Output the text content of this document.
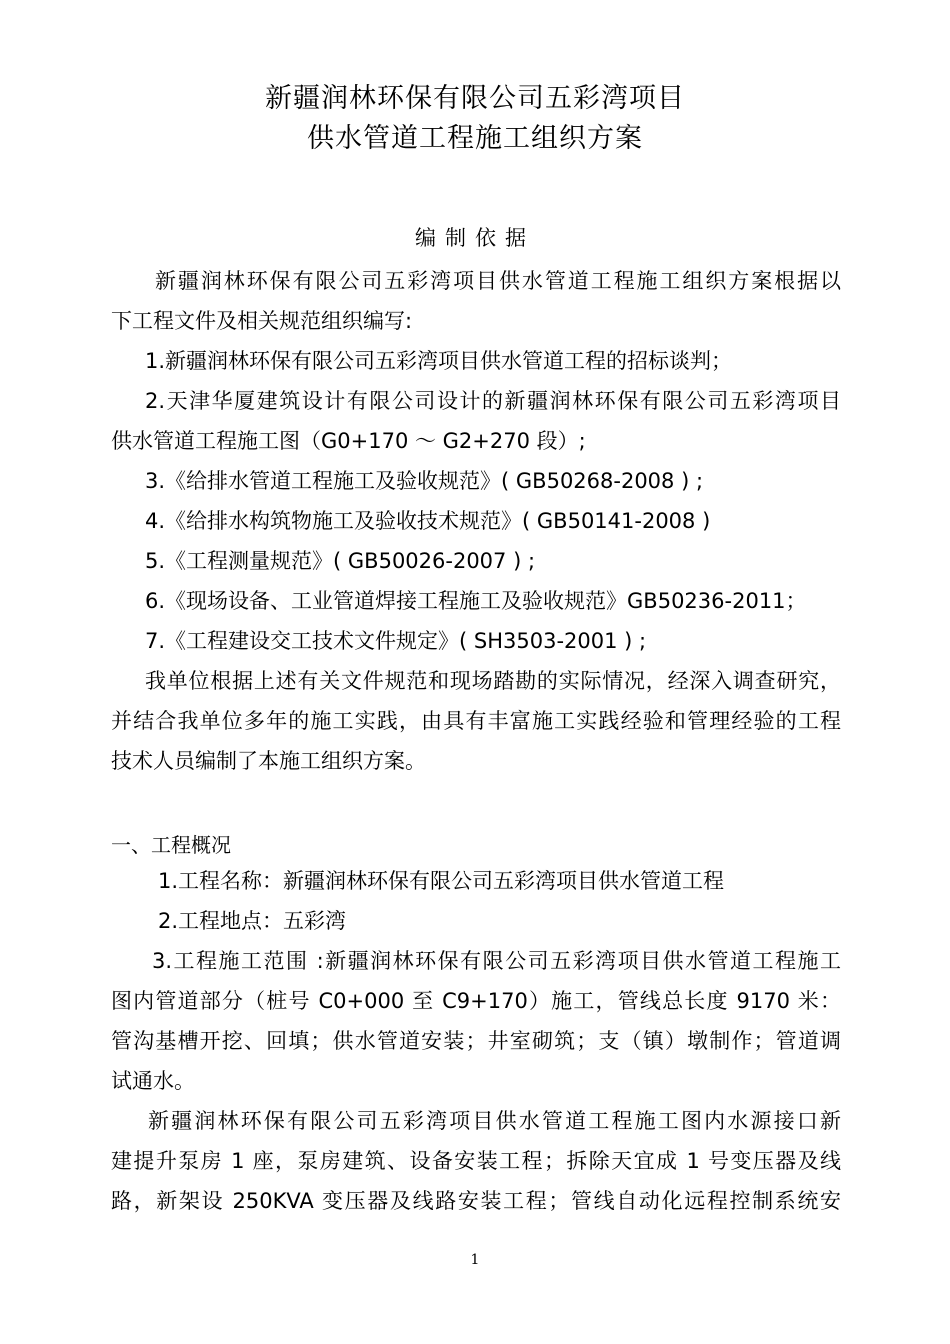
新疆润林环保有限公司五彩湾项目
供水管道工程施工组织方案
编制依据
新疆润林环保有限公司五彩湾项目供水管道工程施工组织方案根据以
下工程文件及相关规范组织编写:
1.新疆润林环保有限公司五彩湾项目供水管道工程的招标谈判；
2.天津华厦建筑设计有限公司设计的新疆润林环保有限公司五彩湾项目
供水管道工程施工图（G0+170 ～ G2+270 段）;
3.《给排水管道工程施工及验收规范》( GB50268-2008 ) ;
4.《给排水构筑物施工及验收技术规范》( GB50141-2008 )
5.《工程测量规范》( GB50026-2007 ) ;
6.《现场设备、工业管道焊接工程施工及验收规范》GB50236-2011；
7.《工程建设交工技术文件规定》( SH3503-2001 ) ;
我单位根据上述有关文件规范和现场踏勘的实际情况，经深入调查研究，
并结合我单位多年的施工实践，由具有丰富施工实践经验和管理经验的工程
技术人员编制了本施工组织方案。
一、工程概况
1.工程名称：新疆润林环保有限公司五彩湾项目供水管道工程
2.工程地点：五彩湾
3.工程施工范围 :新疆润林环保有限公司五彩湾项目供水管道工程施工
图内管道部分（桩号 C0+000 至 C9+170）施工，管线总长度 9170 米：
管沟基槽开挖、回填；供水管道安装；井室砌筑；支（镇）墩制作；管道调
试通水。
新疆润林环保有限公司五彩湾项目供水管道工程施工图内水源接口新
建提升泵房 1 座，泵房建筑、设备安装工程；拆除天宜成 1 号变压器及线
路，新架设 250KVA 变压器及线路安装工程；管线自动化远程控制系统安
1
